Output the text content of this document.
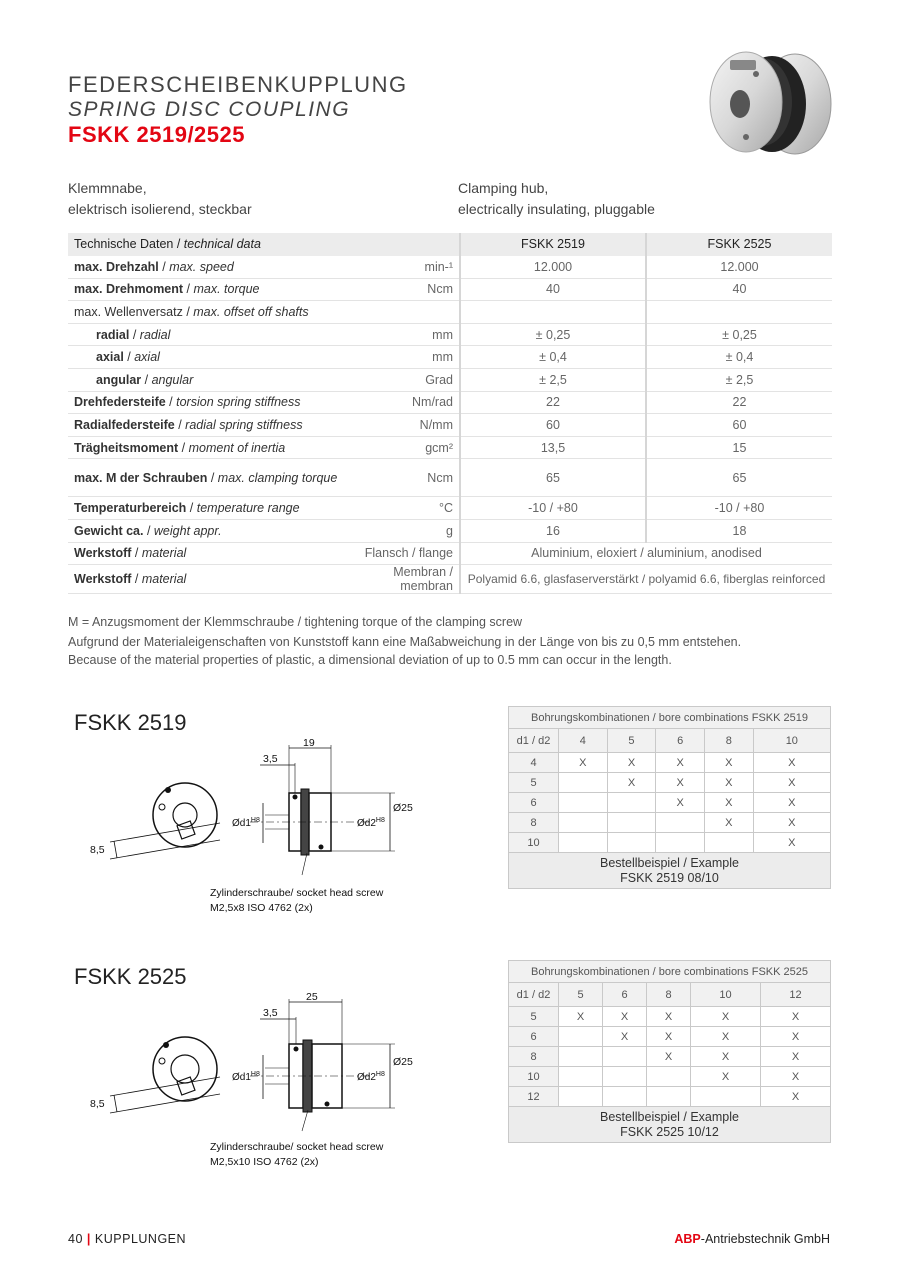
FEDERSCHEIBENKUPPLUNG
SPRING DISC COUPLING
FSKK 2519/2525
Klemmnabe,
elektrisch isolierend, steckbar
Clamping hub,
electrically insulating, pluggable
Technische Daten / technical data		FSKK 2519	FSKK 2525
max. Drehzahl / max. speed	min-¹	12.000	12.000
max. Drehmoment / max. torque	Ncm	40	40
max. Wellenversatz / max. offset off shafts			
radial / radial	mm	± 0,25	± 0,25
axial / axial	mm	± 0,4	± 0,4
angular / angular	Grad	± 2,5	± 2,5
Drehfedersteife / torsion spring stiffness	Nm/rad	22	22
Radialfedersteife / radial spring stiffness	N/mm	60	60
Trägheitsmoment / moment of inertia	gcm²	13,5	15
max. M der Schrauben / max. clamping torque	Ncm	65	65
Temperaturbereich / temperature range	°C	-10 / +80	-10 / +80
Gewicht ca. / weight appr.	g	16	18
Werkstoff / material	Flansch / flange	Aluminium, eloxiert / aluminium, anodised	
Werkstoff / material	Membran / membran	Polyamid 6.6, glasfaserverstärkt / polyamid 6.6, fiberglas reinforced	
M = Anzugsmoment der Klemmschraube / tightening torque of the clamping screw
Aufgrund der Materialeigenschaften von Kunststoff kann eine Maßabweichung in der Länge von bis zu 0,5 mm entstehen.
Because of the material properties of plastic, a dimensional deviation of up to 0.5 mm can occur in the length.
FSKK 2519
8,5
$Ød1^{H8}$	$Ød2^{H8}$
Ø25
19
3,5
Zylinderschraube/ socket head screw
M2,5x8 ISO 4762 (2x)
Bohrungskombinationen / bore combinations FSKK 2519					
d1 / d2	4	5	6	8	10
4	X	X	X	X	X
5		X	X	X	X
6			X	X	X
8				X	X
10					X

Bestellbeispiel / Example
FSKK 2519 08/10					
FSKK 2525
8,5
$Ød1^{H8}$	$Ød2^{H8}$
Ø25
25
3,5
Zylinderschraube/ socket head screw
M2,5x10 ISO 4762 (2x)
Bohrungskombinationen / bore combinations FSKK 2525					
d1 / d2	5	6	8	10	12
5	X	X	X	X	X
6		X	X	X	X
8			X	X	X
10				X	X
12					X

Bestellbeispiel / Example
FSKK 2525 10/12					
40 | KUPPLUNGEN	ABP-Antriebstechnik GmbH
